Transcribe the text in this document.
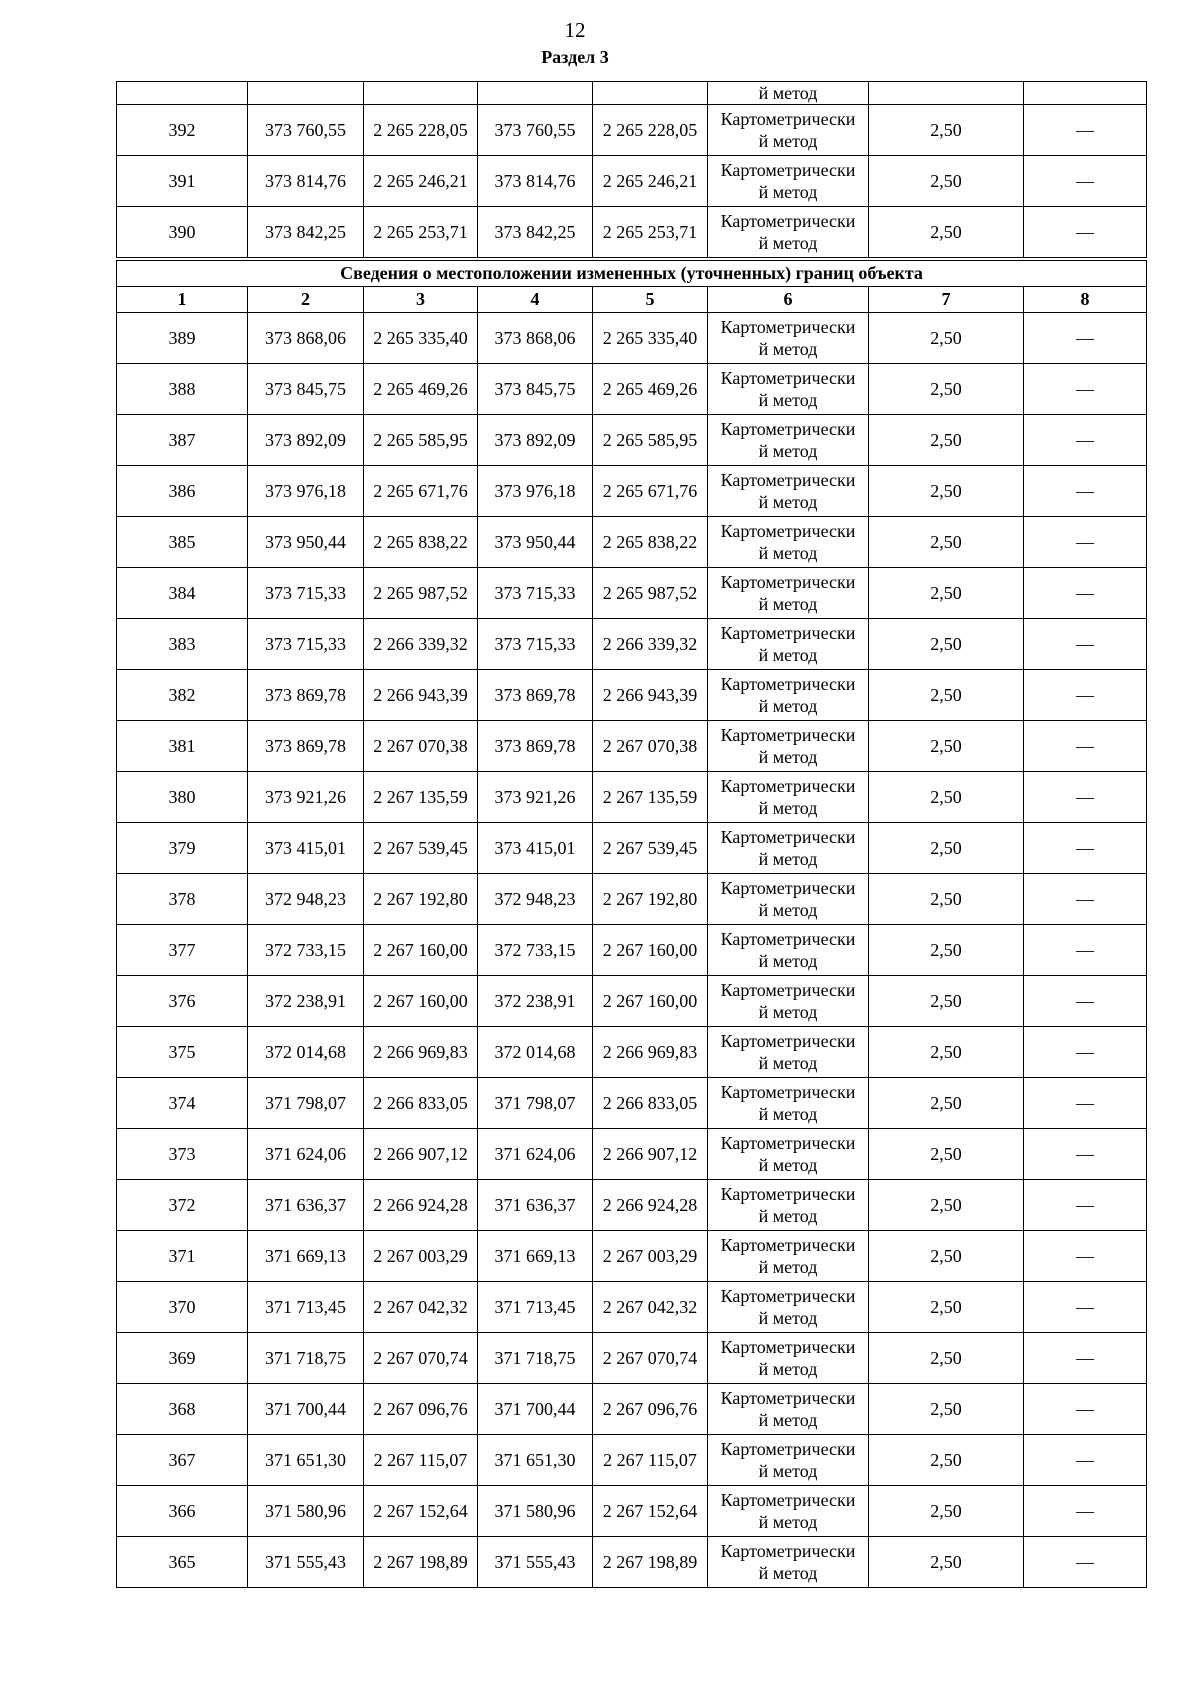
12
Раздел 3
					й метод		
392	373 760,55	2 265 228,05	373 760,55	2 265 228,05	Картометрически
й метод	2,50	—
391	373 814,76	2 265 246,21	373 814,76	2 265 246,21	Картометрически
й метод	2,50	—
390	373 842,25	2 265 253,71	373 842,25	2 265 253,71	Картометрически
й метод	2,50	—
Сведения о местоположении измененных (уточненных) границ объекта							
1	2	3	4	5	6	7	8
389	373 868,06	2 265 335,40	373 868,06	2 265 335,40	Картометрически
й метод	2,50	—
388	373 845,75	2 265 469,26	373 845,75	2 265 469,26	Картометрически
й метод	2,50	—
387	373 892,09	2 265 585,95	373 892,09	2 265 585,95	Картометрически
й метод	2,50	—
386	373 976,18	2 265 671,76	373 976,18	2 265 671,76	Картометрически
й метод	2,50	—
385	373 950,44	2 265 838,22	373 950,44	2 265 838,22	Картометрически
й метод	2,50	—
384	373 715,33	2 265 987,52	373 715,33	2 265 987,52	Картометрически
й метод	2,50	—
383	373 715,33	2 266 339,32	373 715,33	2 266 339,32	Картометрически
й метод	2,50	—
382	373 869,78	2 266 943,39	373 869,78	2 266 943,39	Картометрически
й метод	2,50	—
381	373 869,78	2 267 070,38	373 869,78	2 267 070,38	Картометрически
й метод	2,50	—
380	373 921,26	2 267 135,59	373 921,26	2 267 135,59	Картометрически
й метод	2,50	—
379	373 415,01	2 267 539,45	373 415,01	2 267 539,45	Картометрически
й метод	2,50	—
378	372 948,23	2 267 192,80	372 948,23	2 267 192,80	Картометрически
й метод	2,50	—
377	372 733,15	2 267 160,00	372 733,15	2 267 160,00	Картометрически
й метод	2,50	—
376	372 238,91	2 267 160,00	372 238,91	2 267 160,00	Картометрически
й метод	2,50	—
375	372 014,68	2 266 969,83	372 014,68	2 266 969,83	Картометрически
й метод	2,50	—
374	371 798,07	2 266 833,05	371 798,07	2 266 833,05	Картометрически
й метод	2,50	—
373	371 624,06	2 266 907,12	371 624,06	2 266 907,12	Картометрически
й метод	2,50	—
372	371 636,37	2 266 924,28	371 636,37	2 266 924,28	Картометрически
й метод	2,50	—
371	371 669,13	2 267 003,29	371 669,13	2 267 003,29	Картометрически
й метод	2,50	—
370	371 713,45	2 267 042,32	371 713,45	2 267 042,32	Картометрически
й метод	2,50	—
369	371 718,75	2 267 070,74	371 718,75	2 267 070,74	Картометрически
й метод	2,50	—
368	371 700,44	2 267 096,76	371 700,44	2 267 096,76	Картометрически
й метод	2,50	—
367	371 651,30	2 267 115,07	371 651,30	2 267 115,07	Картометрически
й метод	2,50	—
366	371 580,96	2 267 152,64	371 580,96	2 267 152,64	Картометрически
й метод	2,50	—
365	371 555,43	2 267 198,89	371 555,43	2 267 198,89	Картометрически
й метод	2,50	—
